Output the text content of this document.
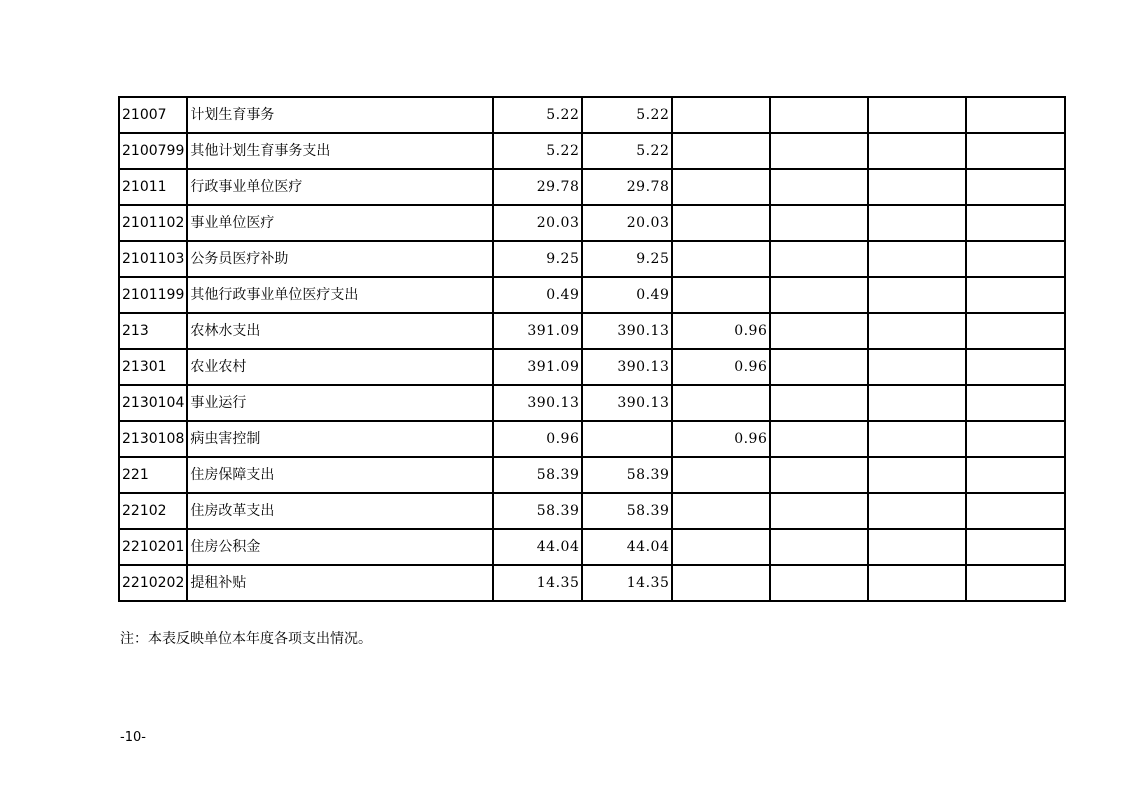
21007	计划生育事务	5.22	5.22				
2100799	其他计划生育事务支出	5.22	5.22				
21011	行政事业单位医疗	29.78	29.78				
2101102	事业单位医疗	20.03	20.03				
2101103	公务员医疗补助	9.25	9.25				
2101199	其他行政事业单位医疗支出	0.49	0.49				
213	农林水支出	391.09	390.13	0.96			
21301	农业农村	391.09	390.13	0.96			
2130104	事业运行	390.13	390.13				
2130108	病虫害控制	0.96		0.96			
221	住房保障支出	58.39	58.39				
22102	住房改革支出	58.39	58.39				
2210201	住房公积金	44.04	44.04				
2210202	提租补贴	14.35	14.35				
注：本表反映单位本年度各项支出情况。
-10-
